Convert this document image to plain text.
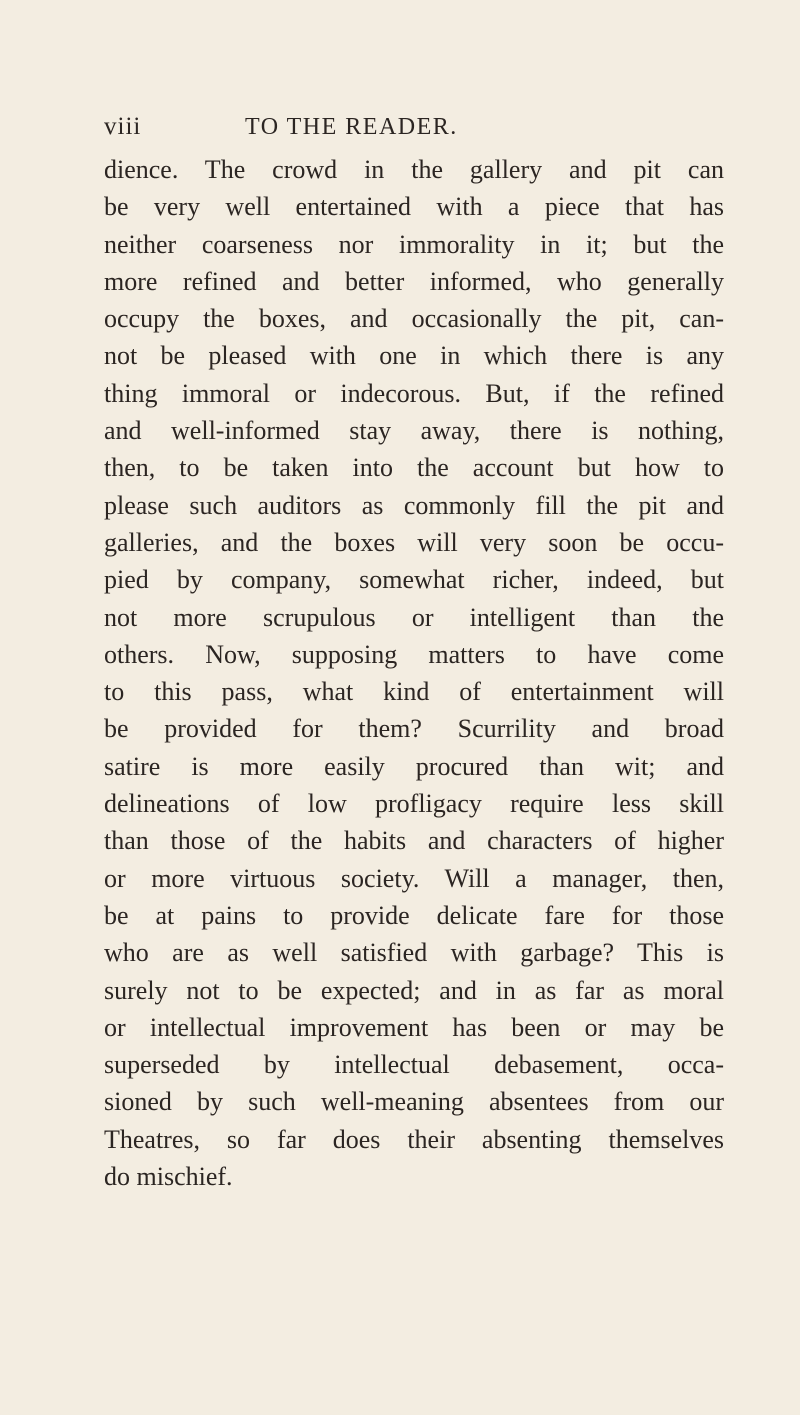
viii	TO THE READER.
dience. The crowd in the gallery and pit can
be very well entertained with a piece that has
neither coarseness nor immorality in it; but the
more refined and better informed, who generally
occupy the boxes, and occasionally the pit, can-
not be pleased with one in which there is any
thing immoral or indecorous. But, if the refined
and well-informed stay away, there is nothing,
then, to be taken into the account but how to
please such auditors as commonly fill the pit and
galleries, and the boxes will very soon be occu-
pied by company, somewhat richer, indeed, but
not more scrupulous or intelligent than the
others. Now, supposing matters to have come
to this pass, what kind of entertainment will
be provided for them? Scurrility and broad
satire is more easily procured than wit; and
delineations of low profligacy require less skill
than those of the habits and characters of higher
or more virtuous society. Will a manager, then,
be at pains to provide delicate fare for those
who are as well satisfied with garbage? This is
surely not to be expected; and in as far as moral
or intellectual improvement has been or may be
superseded by intellectual debasement, occa-
sioned by such well-meaning absentees from our
Theatres, so far does their absenting themselves
do mischief.
